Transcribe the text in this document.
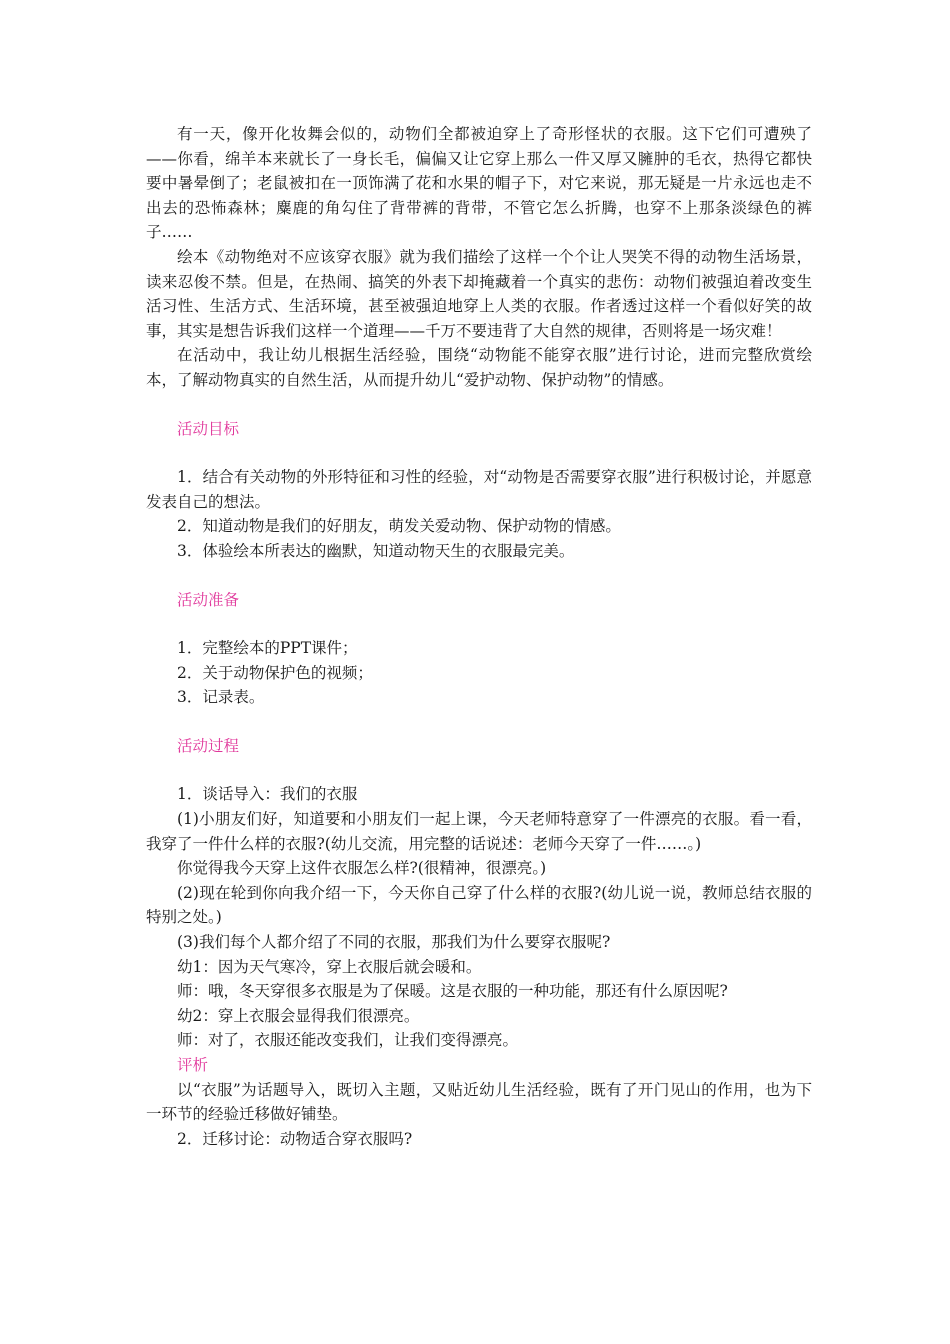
有一天，像开化妆舞会似的，动物们全都被迫穿上了奇形怪状的衣服。这下它们可遭殃了——你看，绵羊本来就长了一身长毛，偏偏又让它穿上那么一件又厚又臃肿的毛衣，热得它都快要中暑晕倒了；老鼠被扣在一顶饰满了花和水果的帽子下，对它来说，那无疑是一片永远也走不出去的恐怖森林；麋鹿的角勾住了背带裤的背带，不管它怎么折腾，也穿不上那条淡绿色的裤子……

绘本《动物绝对不应该穿衣服》就为我们描绘了这样一个个让人哭笑不得的动物生活场景，读来忍俊不禁。但是，在热闹、搞笑的外表下却掩藏着一个真实的悲伤：动物们被强迫着改变生活习性、生活方式、生活环境，甚至被强迫地穿上人类的衣服。作者透过这样一个看似好笑的故事，其实是想告诉我们这样一个道理——千万不要违背了大自然的规律，否则将是一场灾难！

在活动中，我让幼儿根据生活经验，围绕“动物能不能穿衣服”进行讨论，进而完整欣赏绘本，了解动物真实的自然生活，从而提升幼儿“爱护动物、保护动物”的情感。

活动目标

1．结合有关动物的外形特征和习性的经验，对“动物是否需要穿衣服”进行积极讨论，并愿意发表自己的想法。

2．知道动物是我们的好朋友，萌发关爱动物、保护动物的情感。

3．体验绘本所表达的幽默，知道动物天生的衣服最完美。

活动准备

1．完整绘本的PPT课件；

2．关于动物保护色的视频；

3．记录表。

活动过程

1．谈话导入：我们的衣服

(1)小朋友们好，知道要和小朋友们一起上课，今天老师特意穿了一件漂亮的衣服。看一看，我穿了一件什么样的衣服?(幼儿交流，用完整的话说述：老师今天穿了一件……。)

你觉得我今天穿上这件衣服怎么样?(很精神，很漂亮。)

(2)现在轮到你向我介绍一下，今天你自己穿了什么样的衣服?(幼儿说一说，教师总结衣服的特别之处。)

(3)我们每个人都介绍了不同的衣服，那我们为什么要穿衣服呢?

幼1：因为天气寒冷，穿上衣服后就会暖和。

师：哦，冬天穿很多衣服是为了保暖。这是衣服的一种功能，那还有什么原因呢?

幼2：穿上衣服会显得我们很漂亮。

师：对了，衣服还能改变我们，让我们变得漂亮。

评析

以“衣服”为话题导入，既切入主题，又贴近幼儿生活经验，既有了开门见山的作用，也为下一环节的经验迁移做好铺垫。

2．迁移讨论：动物适合穿衣服吗?
